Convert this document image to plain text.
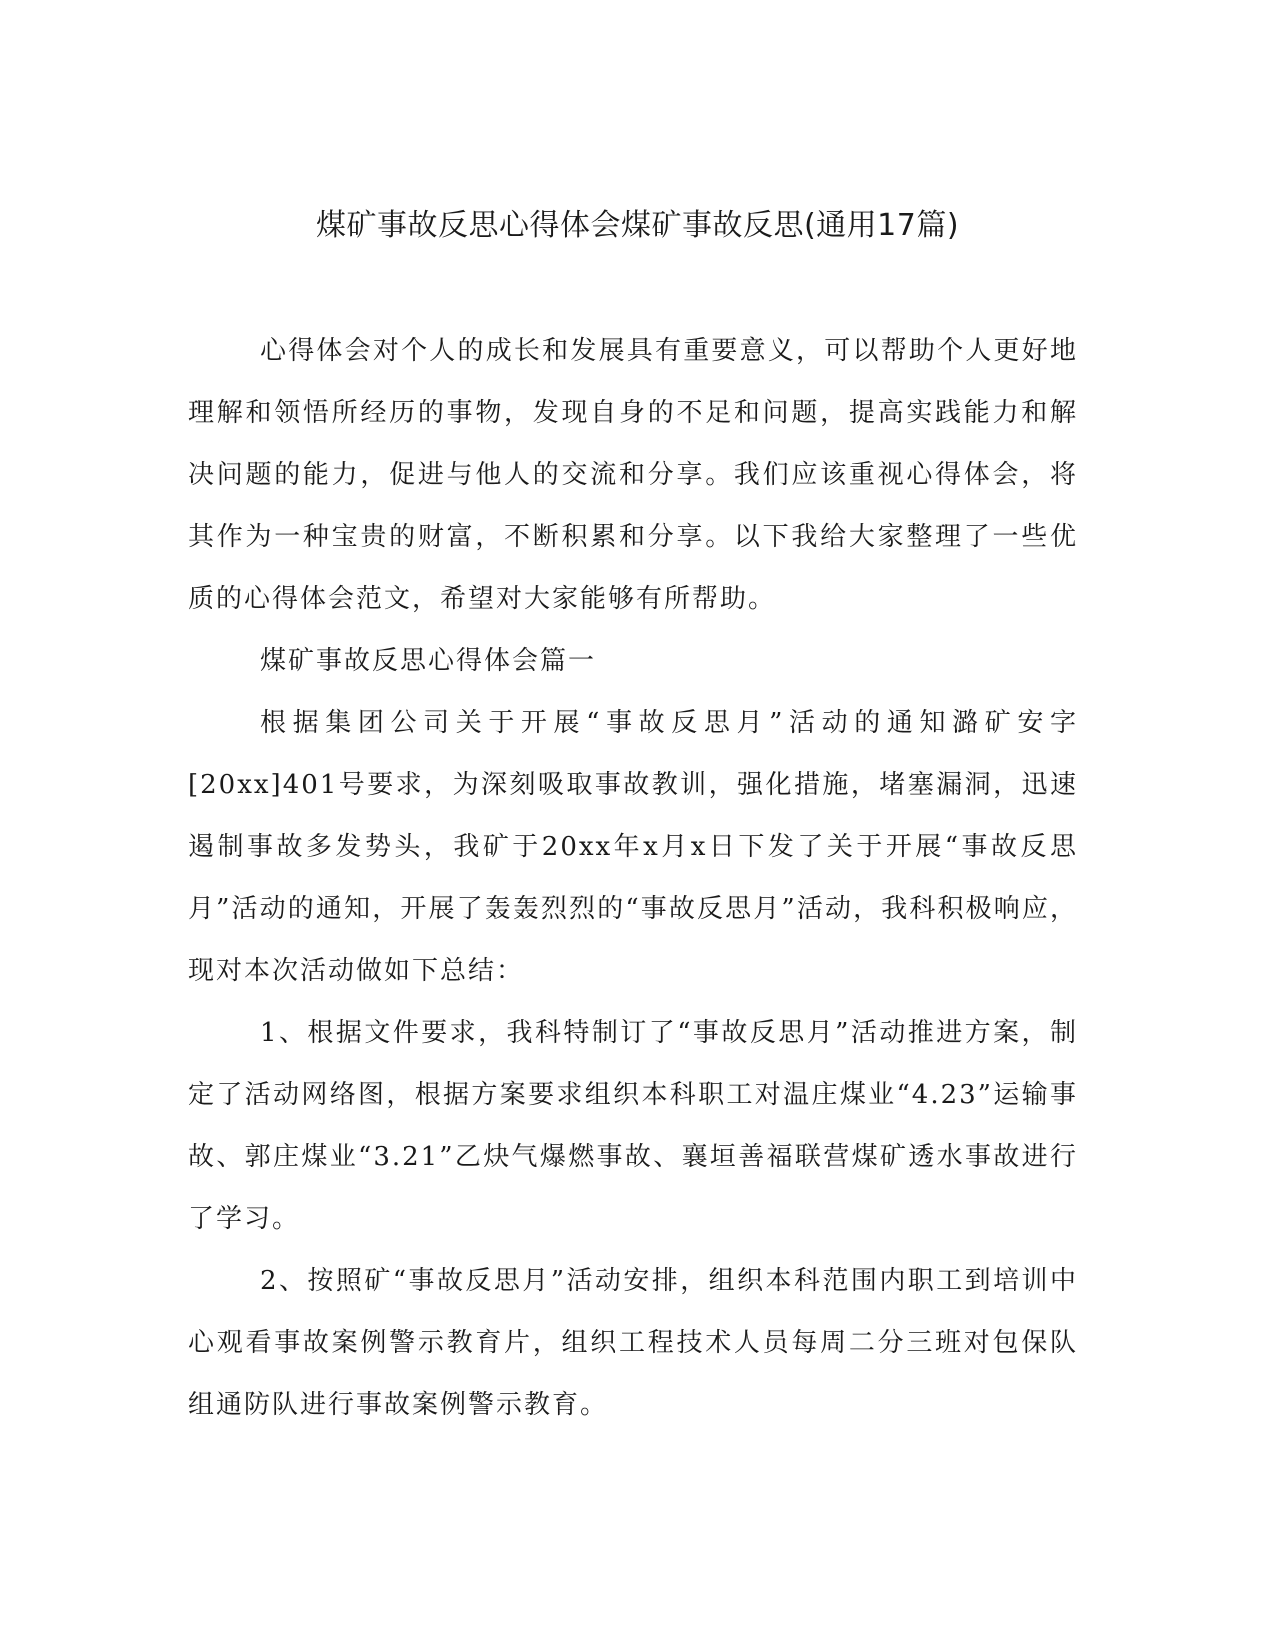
煤矿事故反思心得体会煤矿事故反思(通用17篇)

心得体会对个人的成长和发展具有重要意义，可以帮助个人更好地理解和领悟所经历的事物，发现自身的不足和问题，提高实践能力和解决问题的能力，促进与他人的交流和分享。我们应该重视心得体会，将其作为一种宝贵的财富，不断积累和分享。以下我给大家整理了一些优质的心得体会范文，希望对大家能够有所帮助。

煤矿事故反思心得体会篇一

根据集团公司关于开展“事故反思月”活动的通知潞矿安字[20xx]401号要求，为深刻吸取事故教训，强化措施，堵塞漏洞，迅速遏制事故多发势头，我矿于20xx年x月x日下发了关于开展“事故反思月”活动的通知，开展了轰轰烈烈的“事故反思月”活动，我科积极响应，现对本次活动做如下总结：

1、根据文件要求，我科特制订了“事故反思月”活动推进方案，制定了活动网络图，根据方案要求组织本科职工对温庄煤业“4.23”运输事故、郭庄煤业“3.21”乙炔气爆燃事故、襄垣善福联营煤矿透水事故进行了学习。

2、按照矿“事故反思月”活动安排，组织本科范围内职工到培训中心观看事故案例警示教育片，组织工程技术人员每周二分三班对包保队组通防队进行事故案例警示教育。
